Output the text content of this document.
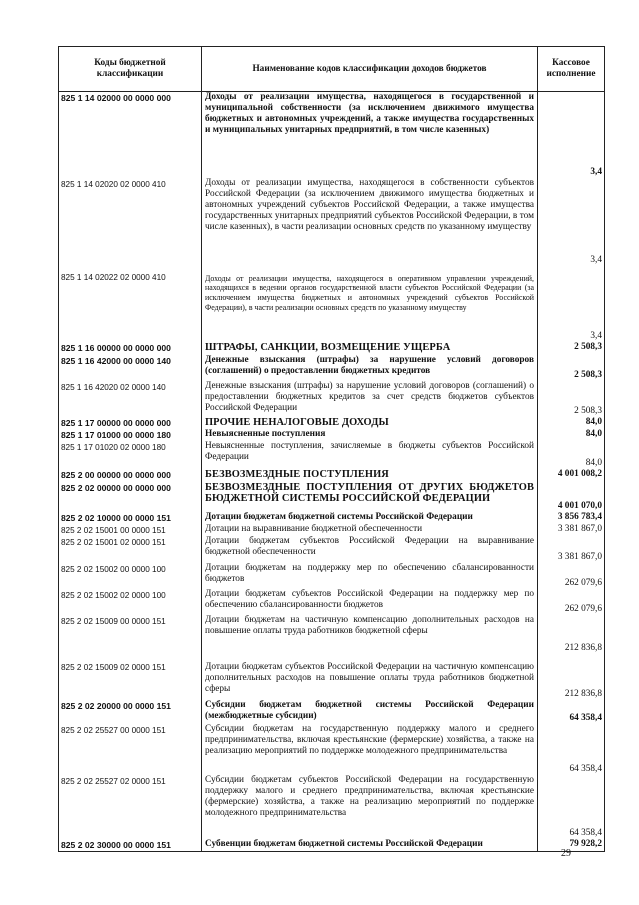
Коды бюджетной классификации	Наименование кодов классификации доходов бюджетов	Кассовое исполнение
825 1 14 02000 00 0000 000	Доходы от реализации имущества, находящегося в государственной и муниципальной собственности (за исключением движимого имущества бюджетных и автономных учреждений, а также имущества государственных и муниципальных унитарных предприятий, в том числе казенных)	3,4
825 1 14 02020 02 0000 410	Доходы от реализации имущества, находящегося в собственности субъектов Российской Федерации (за исключением движимого имущества бюджетных и автономных учреждений субъектов Российской Федерации, а также имущества государственных унитарных предприятий субъектов Российской Федерации, в том числе казенных), в части реализации основных средств по указанному имуществу	3,4
825 1 14 02022 02 0000 410	Доходы от реализации имущества, находящегося в оперативном управлении учреждений, находящихся в ведении органов государственной власти субъектов Российской Федерации (за исключением имущества бюджетных и автономных учреждений субъектов Российской Федерации), в части реализации основных средств по указанному имуществу	3,4
825 1 16 00000 00 0000 000	ШТРАФЫ, САНКЦИИ, ВОЗМЕЩЕНИЕ УЩЕРБА	2 508,3
825 1 16 42000 00 0000 140	Денежные взыскания (штрафы) за нарушение условий договоров (соглашений) о предоставлении бюджетных кредитов	2 508,3
825 1 16 42020 02 0000 140	Денежные взыскания (штрафы) за нарушение условий договоров (соглашений) о предоставлении бюджетных кредитов за счет средств бюджетов субъектов Российской Федерации	2 508,3
825 1 17 00000 00 0000 000	ПРОЧИЕ НЕНАЛОГОВЫЕ ДОХОДЫ	84,0
825 1 17 01000 00 0000 180	Невыясненные поступления	84,0
825 1 17 01020 02 0000 180	Невыясненные поступления, зачисляемые в бюджеты субъектов Российской Федерации	84,0
825 2 00 00000 00 0000 000	БЕЗВОЗМЕЗДНЫЕ ПОСТУПЛЕНИЯ	4 001 008,2
825 2 02 00000 00 0000 000	БЕЗВОЗМЕЗДНЫЕ ПОСТУПЛЕНИЯ ОТ ДРУГИХ БЮДЖЕТОВ БЮДЖЕТНОЙ СИСТЕМЫ РОССИЙСКОЙ ФЕДЕРАЦИИ	4 001 070,0
825 2 02 10000 00 0000 151	Дотации бюджетам бюджетной системы Российской Федерации	3 856 783,4
825 2 02 15001 00 0000 151	Дотации на выравнивание бюджетной обеспеченности	3 381 867,0
825 2 02 15001 02 0000 151	Дотации бюджетам субъектов Российской Федерации на выравнивание бюджетной обеспеченности	3 381 867,0
825 2 02 15002 00 0000 100	Дотации бюджетам на поддержку мер по обеспечению сбалансированности бюджетов	262 079,6
825 2 02 15002 02 0000 100	Дотации бюджетам субъектов Российской Федерации на поддержку мер по обеспечению сбалансированности бюджетов	262 079,6
825 2 02 15009 00 0000 151	Дотации бюджетам на частичную компенсацию дополнительных расходов на повышение оплаты труда работников бюджетной сферы	212 836,8
825 2 02 15009 02 0000 151	Дотации бюджетам субъектов Российской Федерации на частичную компенсацию дополнительных расходов на повышение оплаты труда работников бюджетной сферы	212 836,8
825 2 02 20000 00 0000 151	Субсидии бюджетам бюджетной системы Российской Федерации (межбюджетные субсидии)	64 358,4
825 2 02 25527 00 0000 151	Субсидии бюджетам на государственную поддержку малого и среднего предпринимательства, включая крестьянские (фермерские) хозяйства, а также на реализацию мероприятий по поддержке молодежного предпринимательства	64 358,4
825 2 02 25527 02 0000 151	Субсидии бюджетам субъектов Российской Федерации на государственную поддержку малого и среднего предпринимательства, включая крестьянские (фермерские) хозяйства, а также на реализацию мероприятий по поддержке молодежного предпринимательства	64 358,4
825 2 02 30000 00 0000 151	Субвенции бюджетам бюджетной системы Российской Федерации	79 928,2
29
